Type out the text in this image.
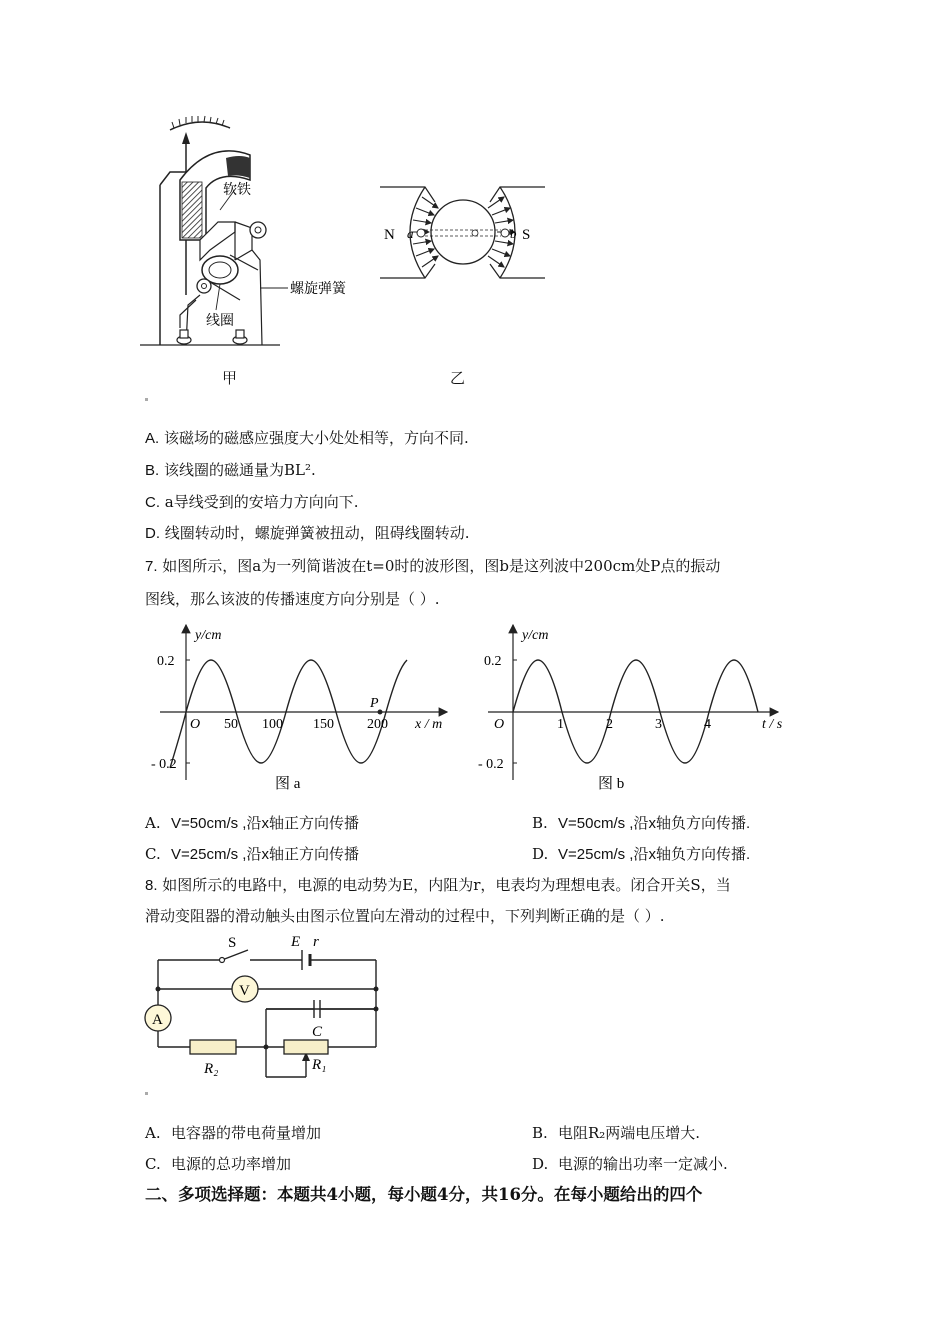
软铁
螺旋弹簧
线圈
甲
N a	b S
乙
A. 该磁场的磁感应强度大小处处相等，方向不同.
B. 该线圈的磁通量为BL².
C. a导线受到的安培力方向向下.
D. 线圈转动时，螺旋弹簧被扭动，阻碍线圈转动.
7. 如图所示，图a为一列简谐波在t=0时的波形图，图b是这列波中200cm处P点的振动
图线，那么该波的传播速度方向分别是（ ）.
y/cm
0.2
- 0.2
O 50 100 150 200
P
x / m
图 a
y/cm
0.2
- 0.2
O	1	2	3	4	t / s
图 b
A. V=50cm/s ,沿x轴正方向传播	B. V=50cm/s ,沿x轴负方向传播.
C. V=25cm/s ,沿x轴正方向传播	D. V=25cm/s ,沿x轴负方向传播.
8. 如图所示的电路中，电源的电动势为E，内阻为r，电表均为理想电表。闭合开关S，当
滑动变阻器的滑动触头由图示位置向左滑动的过程中，下列判断正确的是（ ）.
V
A
S	E r
C
R₂	R₁
A. 电容器的带电荷量增加	B. 电阻R₂两端电压增大.
C. 电源的总功率增加	D. 电源的输出功率一定减小.
二、多项选择题：本题共4小题，每小题4分，共16分。在每小题给出的四个
